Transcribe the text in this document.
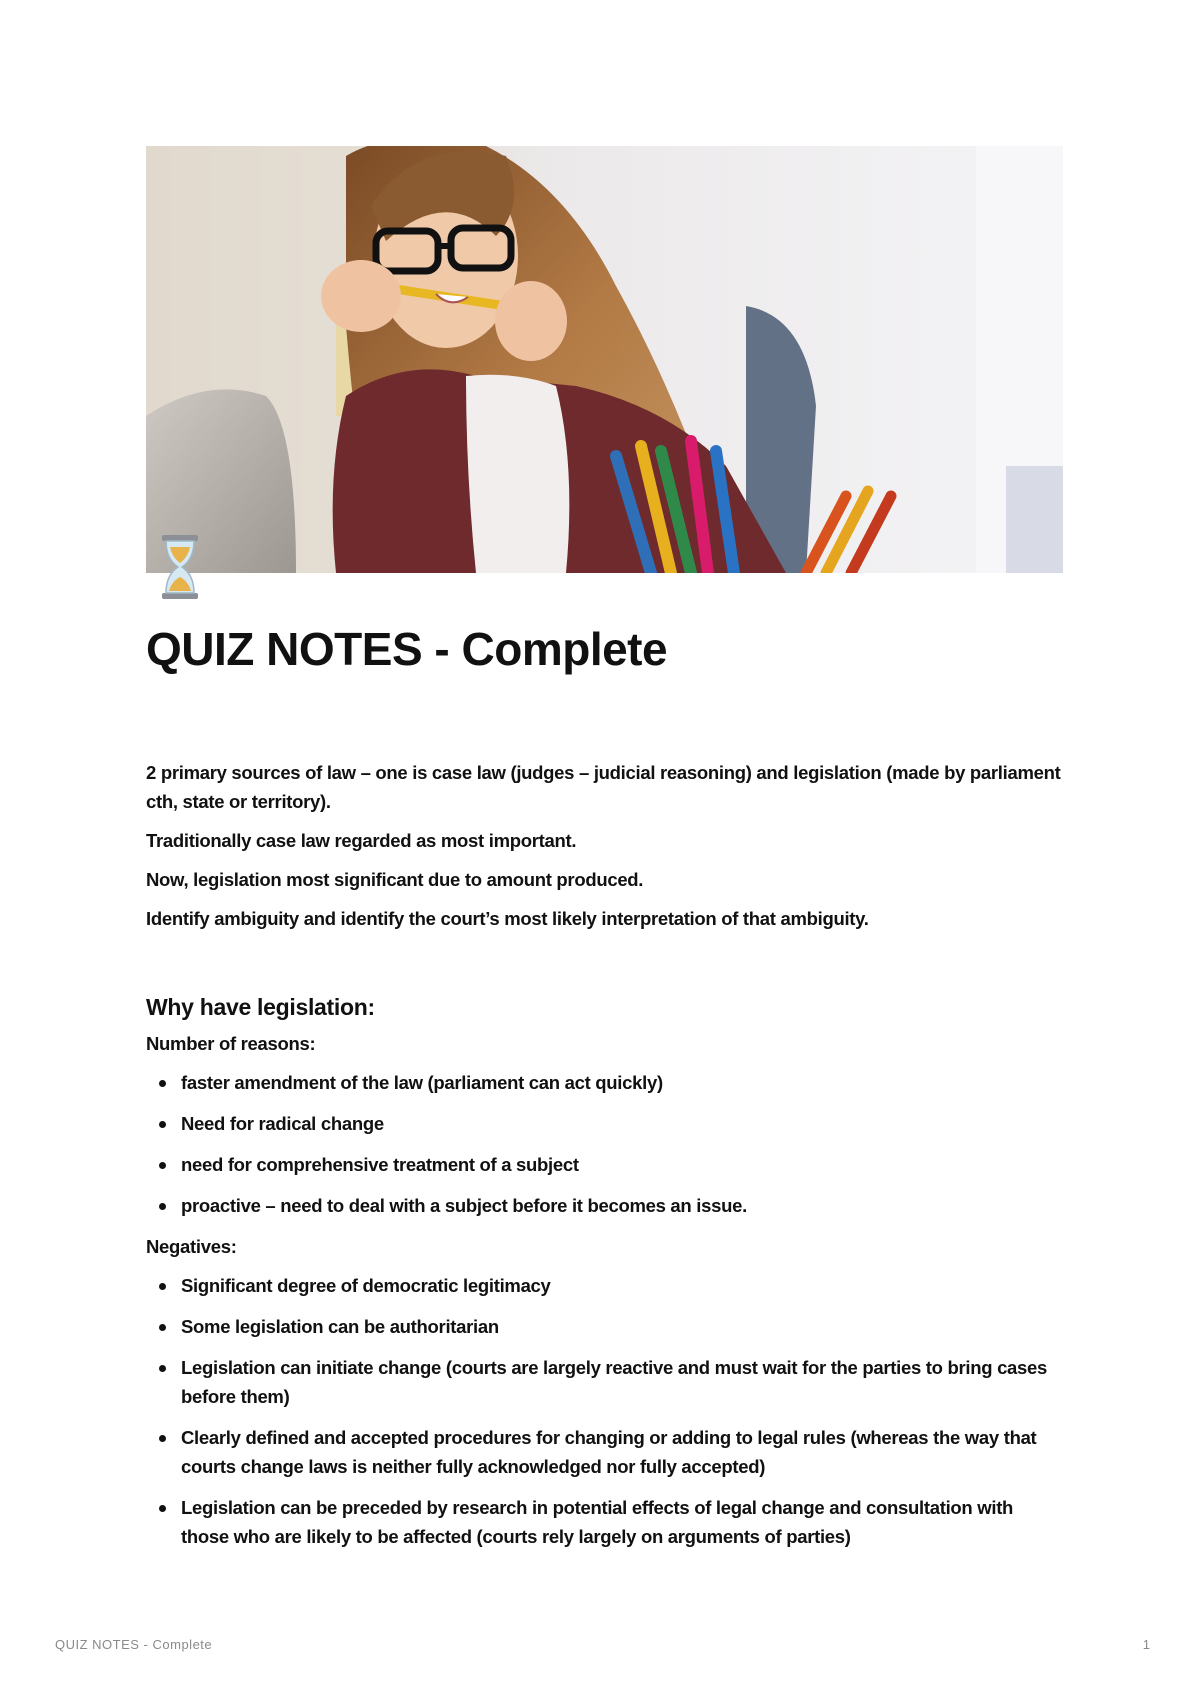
QUIZ NOTES - Complete

2 primary sources of law – one is case law (judges – judicial reasoning) and legislation (made by parliament cth, state or territory).

Traditionally case law regarded as most important.

Now, legislation most significant due to amount produced.

Identify ambiguity and identify the court’s most likely interpretation of that ambiguity.

Why have legislation:

Number of reasons:

faster amendment of the law (parliament can act quickly)
Need for radical change
need for comprehensive treatment of a subject
proactive – need to deal with a subject before it becomes an issue.

Negatives:

Significant degree of democratic legitimacy
Some legislation can be authoritarian
Legislation can initiate change (courts are largely reactive and must wait for the parties to bring cases before them)
Clearly defined and accepted procedures for changing or adding to legal rules (whereas the way that courts change laws is neither fully acknowledged nor fully accepted)
Legislation can be preceded by research in potential effects of legal change and consultation with those who are likely to be affected (courts rely largely on arguments of parties)
QUIZ NOTES - Complete	1
